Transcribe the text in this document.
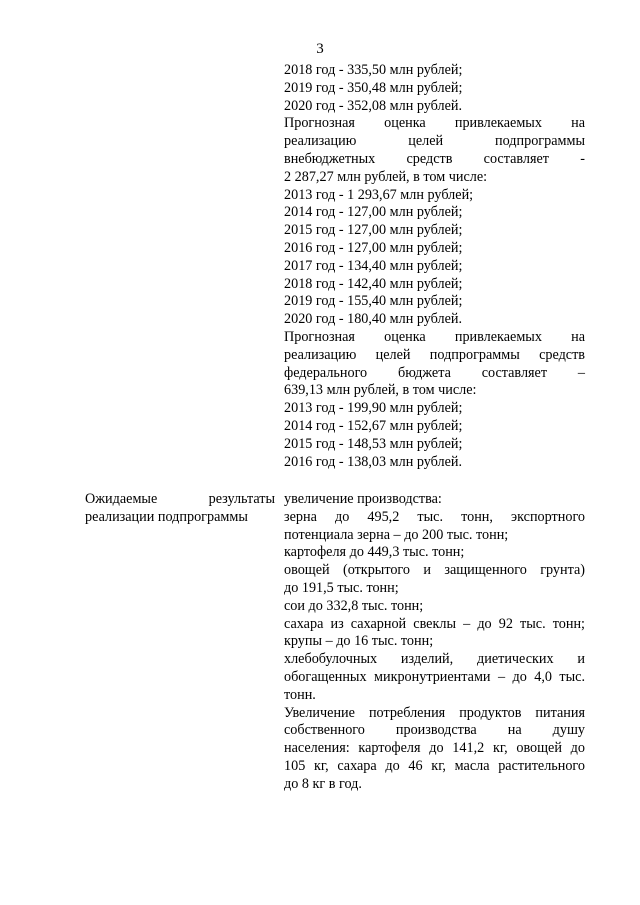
3
2018 год - 335,50 млн рублей;
2019 год - 350,48 млн рублей;
2020 год - 352,08 млн рублей.
Прогнозная оценка привлекаемых на
реализацию целей подпрограммы
внебюджетных средств составляет -
2 287,27 млн рублей, в том числе:
2013 год - 1 293,67 млн рублей;
2014 год - 127,00 млн рублей;
2015 год - 127,00 млн рублей;
2016 год - 127,00 млн рублей;
2017 год - 134,40 млн рублей;
2018 год - 142,40 млн рублей;
2019 год - 155,40 млн рублей;
2020 год - 180,40 млн рублей.
Прогнозная оценка привлекаемых на
реализацию целей подпрограммы средств
федерального бюджета составляет –
639,13 млн рублей, в том числе:
2013 год - 199,90 млн рублей;
2014 год - 152,67 млн рублей;
2015 год - 148,53 млн рублей;
2016 год - 138,03 млн рублей.
Ожидаемые результаты
реализации подпрограммы
увеличение производства:
зерна до 495,2 тыс. тонн, экспортного
потенциала зерна – до 200 тыс. тонн;
картофеля до 449,3 тыс. тонн;
овощей (открытого и защищенного грунта)
до 191,5 тыс. тонн;
сои до 332,8 тыс. тонн;
сахара из сахарной свеклы – до 92 тыс. тонн;
крупы – до 16 тыс. тонн;
хлебобулочных изделий, диетических и
обогащенных микронутриентами – до 4,0 тыс.
тонн.
Увеличение потребления продуктов питания
собственного производства на душу
населения: картофеля до 141,2 кг, овощей до
105 кг, сахара до 46 кг, масла растительного
до 8 кг в год.
